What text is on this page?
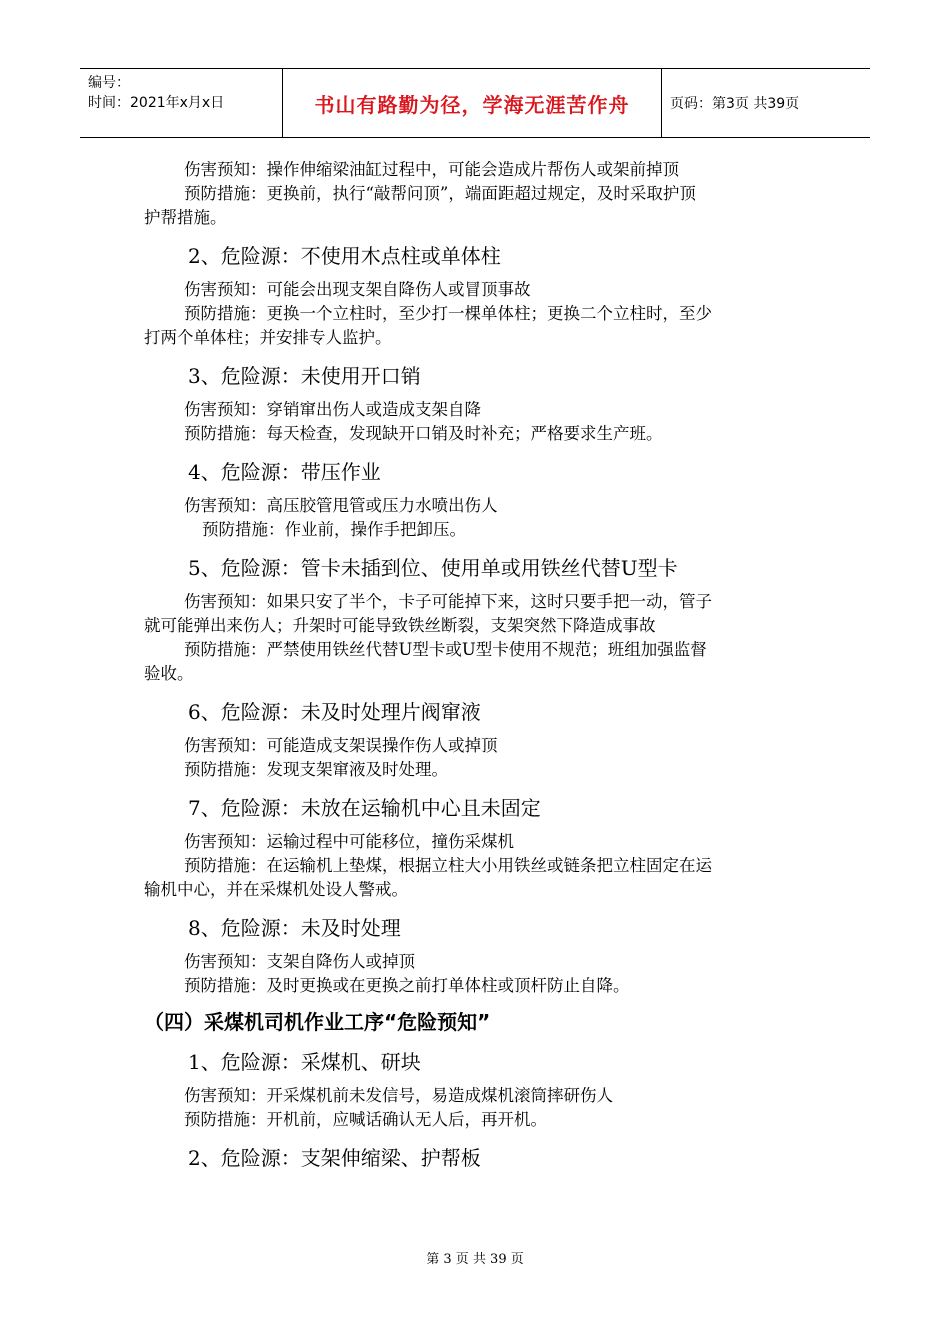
编号：
时间：2021年x月x日	书山有路勤为径，学海无涯苦作舟	页码：第3页 共39页
伤害预知：操作伸缩梁油缸过程中，可能会造成片帮伤人或架前掉顶
预防措施：更换前，执行“敲帮问顶”，端面距超过规定，及时采取护顶
护帮措施。
2、危险源：不使用木点柱或单体柱
伤害预知：可能会出现支架自降伤人或冒顶事故
预防措施：更换一个立柱时，至少打一棵单体柱；更换二个立柱时，至少
打两个单体柱；并安排专人监护。
3、危险源：未使用开口销
伤害预知：穿销窜出伤人或造成支架自降
预防措施：每天检查，发现缺开口销及时补充；严格要求生产班。
4、危险源：带压作业
伤害预知：高压胶管甩管或压力水喷出伤人
预防措施：作业前，操作手把卸压。
5、危险源：管卡未插到位、使用单或用铁丝代替U型卡
伤害预知：如果只安了半个，卡子可能掉下来，这时只要手把一动，管子
就可能弹出来伤人；升架时可能导致铁丝断裂，支架突然下降造成事故
预防措施：严禁使用铁丝代替U型卡或U型卡使用不规范；班组加强监督
验收。
6、危险源：未及时处理片阀窜液
伤害预知：可能造成支架误操作伤人或掉顶
预防措施：发现支架窜液及时处理。
7、危险源：未放在运输机中心且未固定
伤害预知：运输过程中可能移位，撞伤采煤机
预防措施：在运输机上垫煤，根据立柱大小用铁丝或链条把立柱固定在运
输机中心，并在采煤机处设人警戒。
8、危险源：未及时处理
伤害预知：支架自降伤人或掉顶
预防措施：及时更换或在更换之前打单体柱或顶杆防止自降。
（四）采煤机司机作业工序“危险预知”
1、危险源：采煤机、研块
伤害预知：开采煤机前未发信号，易造成煤机滚筒摔研伤人
预防措施：开机前，应喊话确认无人后，再开机。
2、危险源：支架伸缩梁、护帮板
第 3 页 共 39 页
